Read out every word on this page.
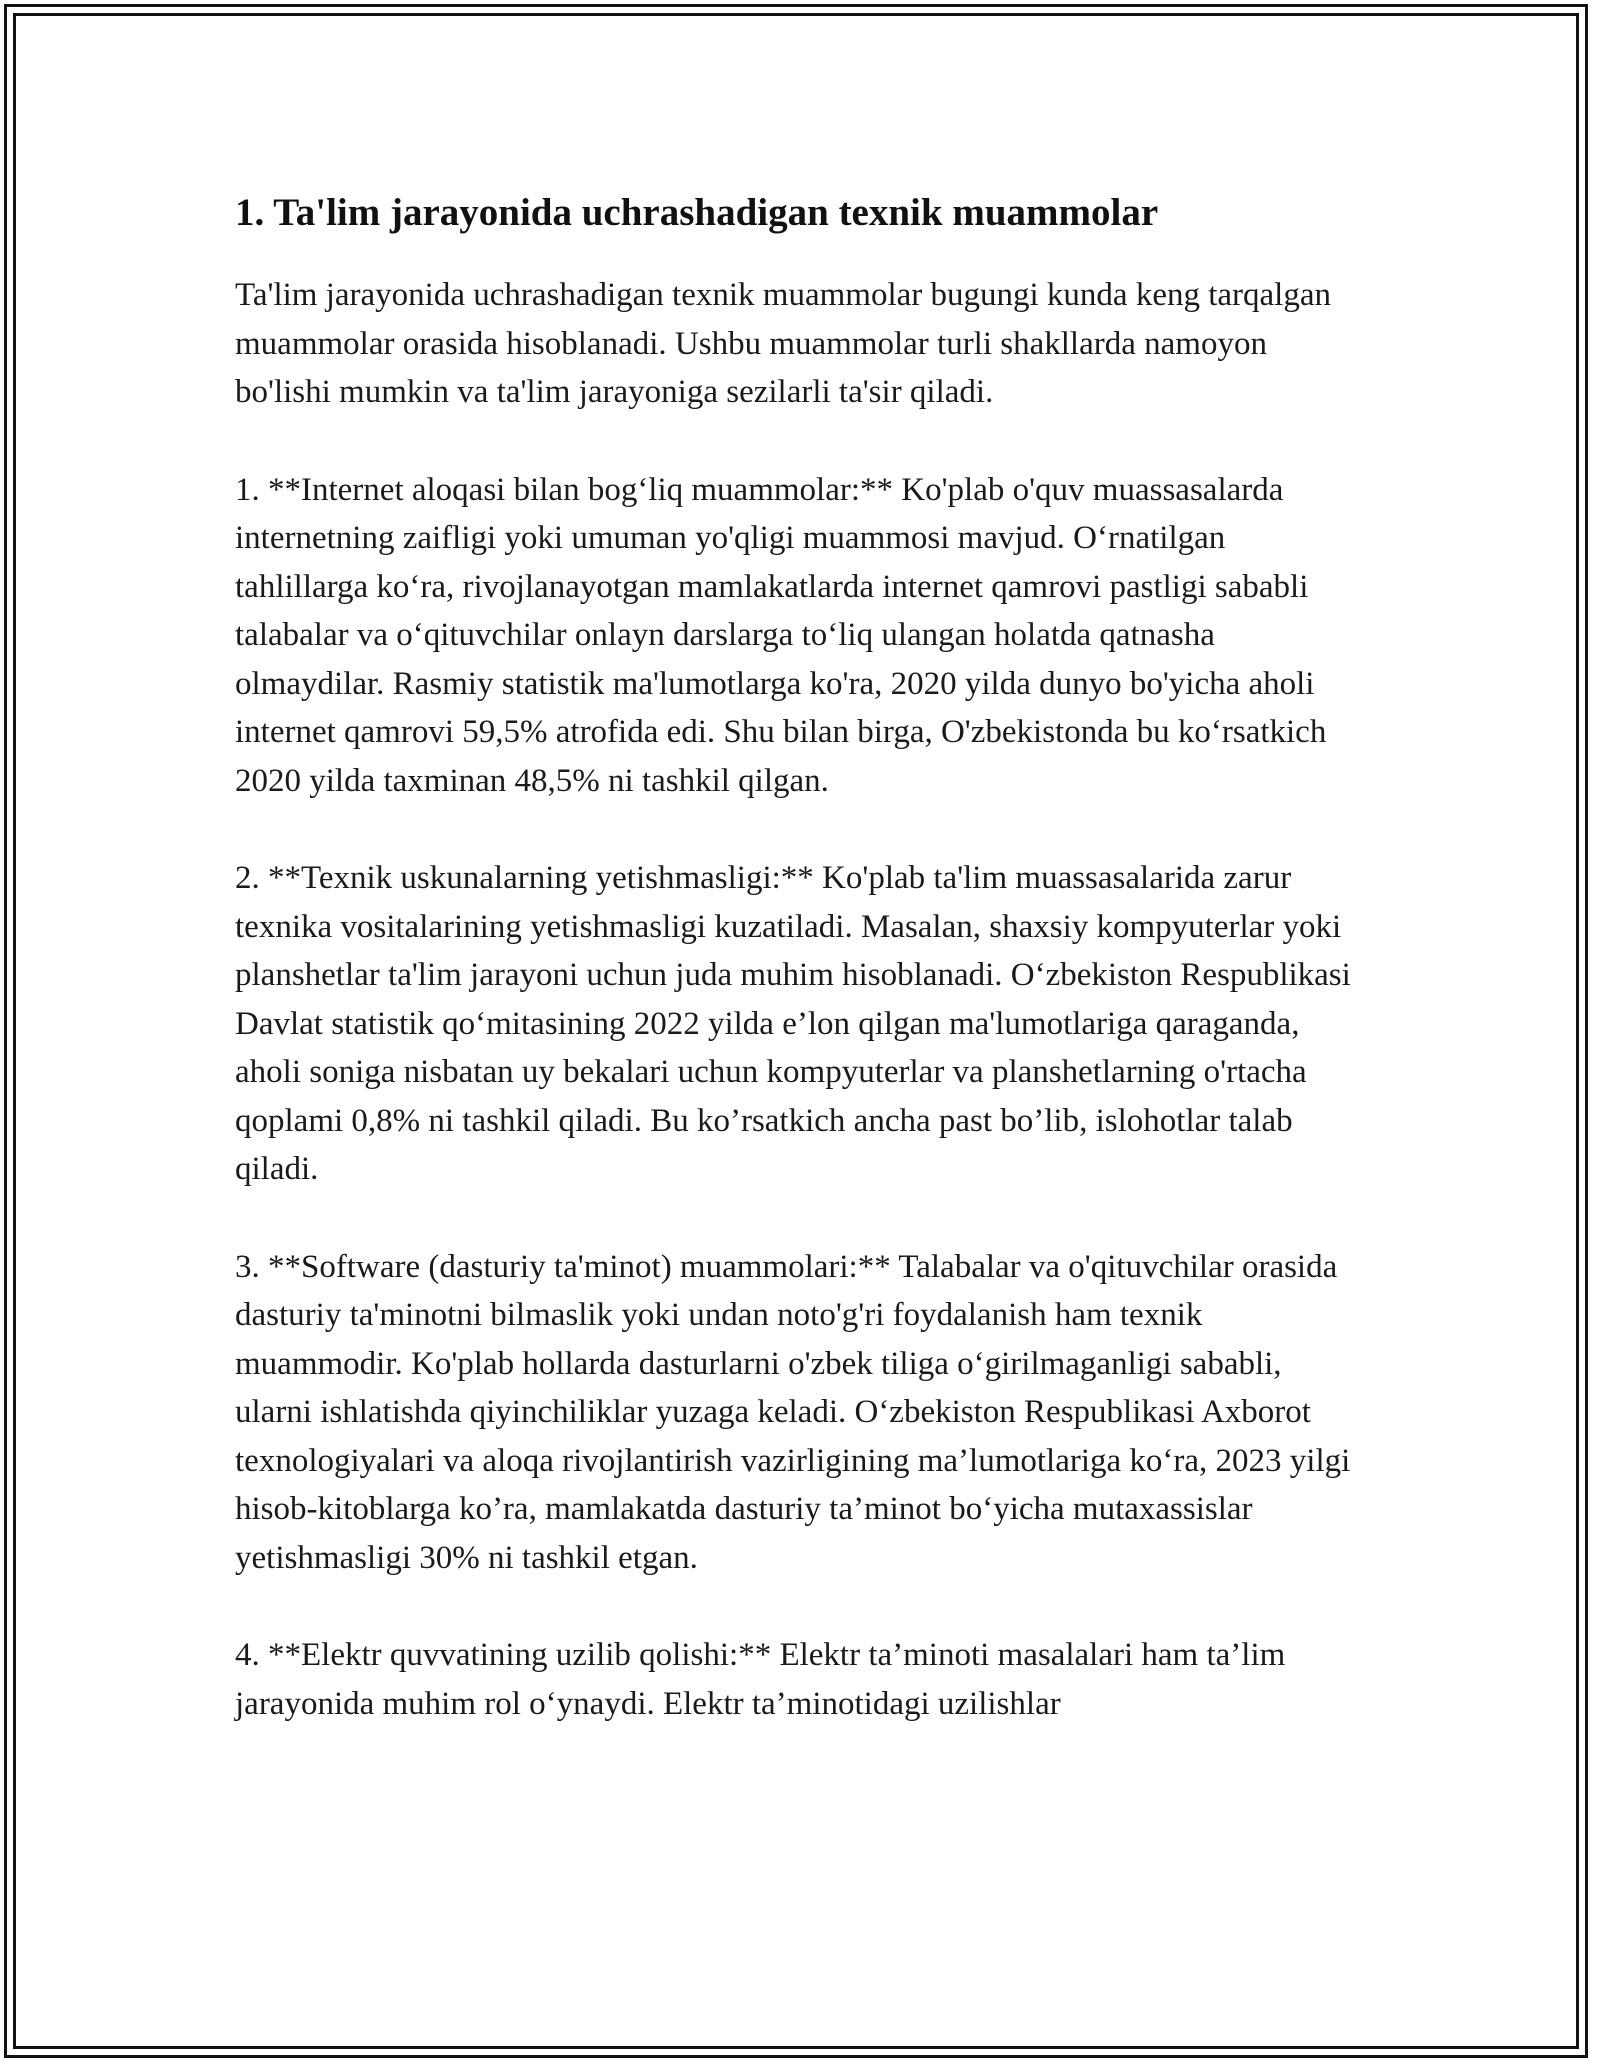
1. Ta'lim jarayonida uchrashadigan texnik muammolar

Ta'lim jarayonida uchrashadigan texnik muammolar bugungi kunda keng tarqalgan muammolar orasida hisoblanadi. Ushbu muammolar turli shakllarda namoyon bo'lishi mumkin va ta'lim jarayoniga sezilarli ta'sir qiladi.

1. **Internet aloqasi bilan bog‘liq muammolar:** Ko'plab o'quv muassasalarda internetning zaifligi yoki umuman yo'qligi muammosi mavjud. O‘rnatilgan tahlillarga ko‘ra, rivojlanayotgan mamlakatlarda internet qamrovi pastligi sababli talabalar va o‘qituvchilar onlayn darslarga to‘liq ulangan holatda qatnasha olmaydilar. Rasmiy statistik ma'lumotlarga ko'ra, 2020 yilda dunyo bo'yicha aholi internet qamrovi 59,5% atrofida edi. Shu bilan birga, O'zbekistonda bu ko‘rsatkich 2020 yilda taxminan 48,5% ni tashkil qilgan.

2. **Texnik uskunalarning yetishmasligi:** Ko'plab ta'lim muassasalarida zarur texnika vositalarining yetishmasligi kuzatiladi. Masalan, shaxsiy kompyuterlar yoki planshetlar ta'lim jarayoni uchun juda muhim hisoblanadi. O‘zbekiston Respublikasi Davlat statistik qo‘mitasining 2022 yilda e’lon qilgan ma'lumotlariga qaraganda, aholi soniga nisbatan uy bekalari uchun kompyuterlar va planshetlarning o'rtacha qoplami 0,8% ni tashkil qiladi. Bu ko’rsatkich ancha past bo’lib, islohotlar talab qiladi.

3. **Software (dasturiy ta'minot) muammolari:** Talabalar va o'qituvchilar orasida dasturiy ta'minotni bilmaslik yoki undan noto'g'ri foydalanish ham texnik muammodir. Ko'plab hollarda dasturlarni o'zbek tiliga o‘girilmaganligi sababli, ularni ishlatishda qiyinchiliklar yuzaga keladi. O‘zbekiston Respublikasi Axborot texnologiyalari va aloqa rivojlantirish vazirligining ma’lumotlariga ko‘ra, 2023 yilgi hisob-kitoblarga ko’ra, mamlakatda dasturiy ta’minot bo‘yicha mutaxassislar yetishmasligi 30% ni tashkil etgan.

4. **Elektr quvvatining uzilib qolishi:** Elektr ta’minoti masalalari ham ta’lim jarayonida muhim rol o‘ynaydi. Elektr ta’minotidagi uzilishlar
